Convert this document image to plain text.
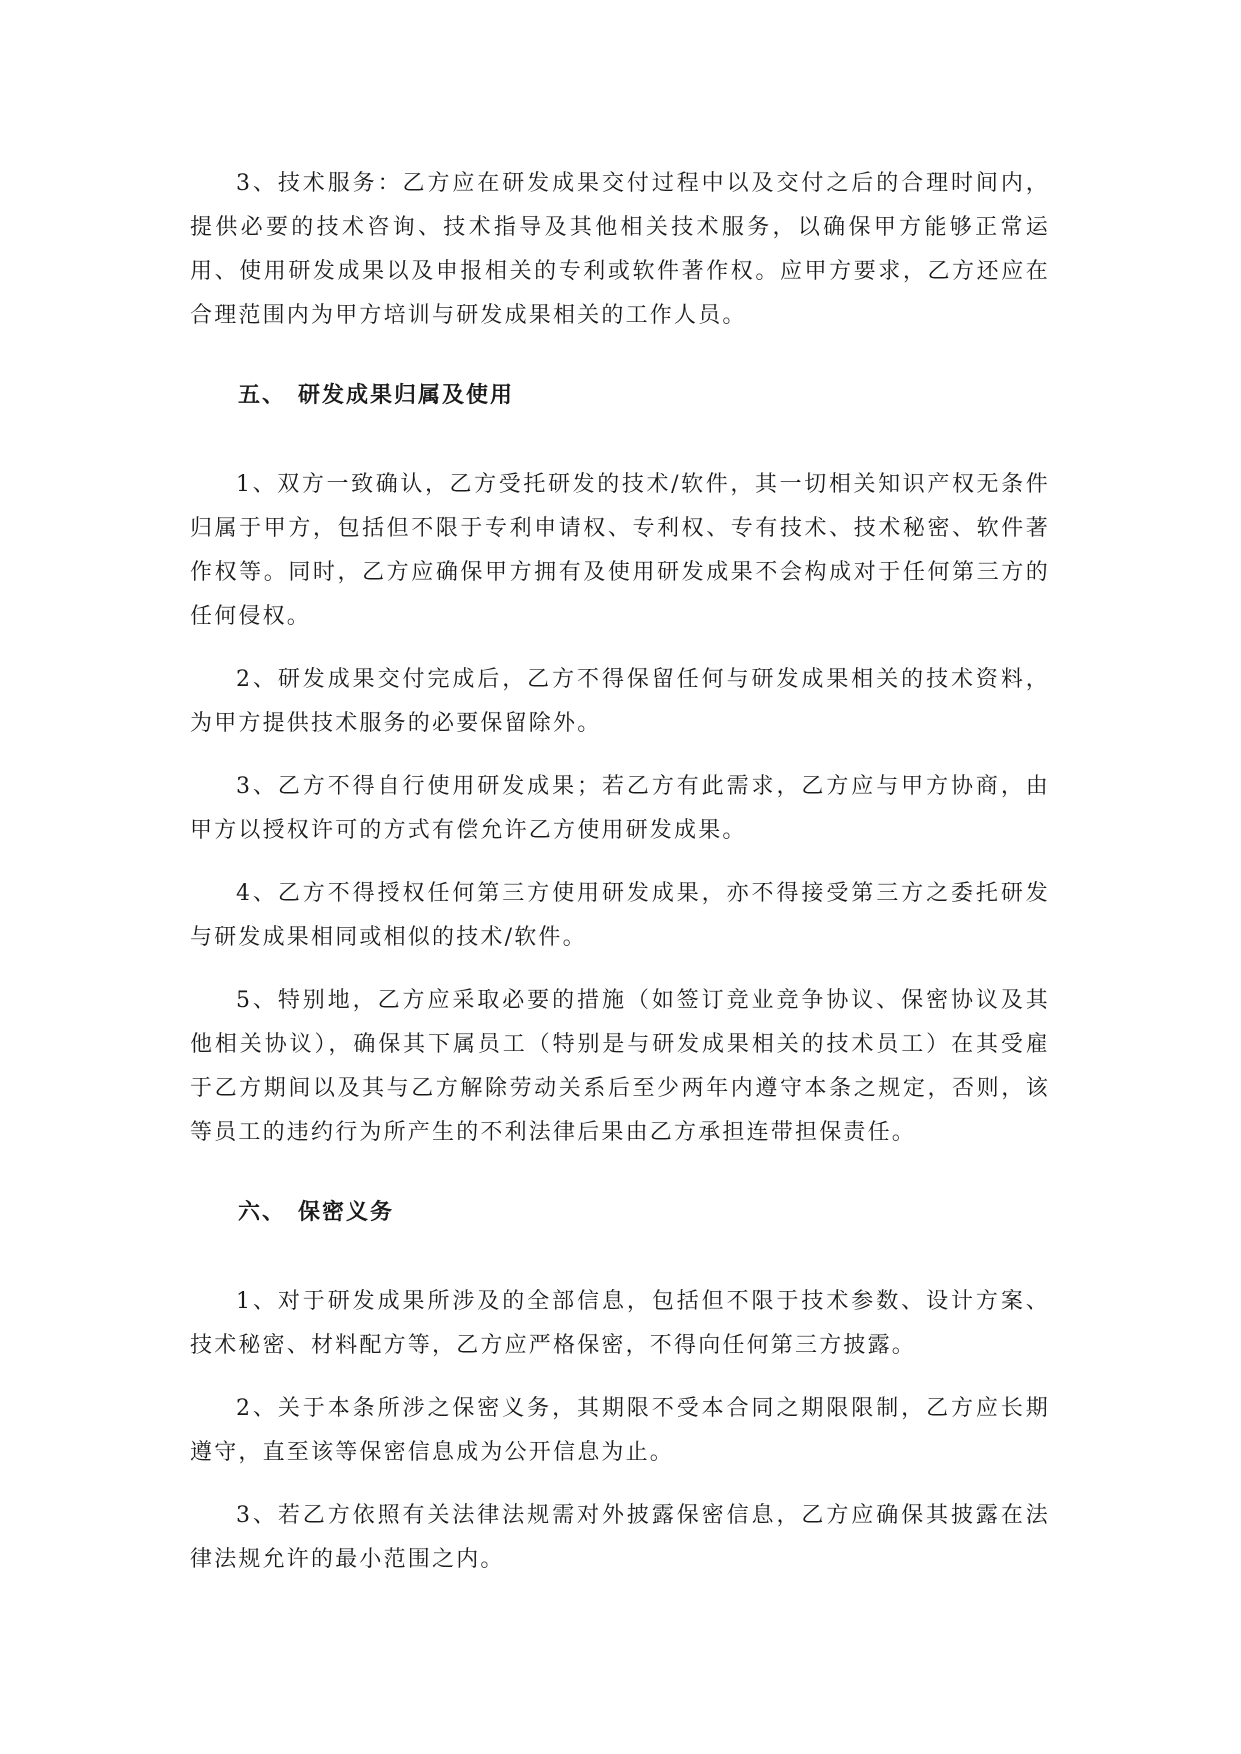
3、技术服务：乙方应在研发成果交付过程中以及交付之后的合理时间内，提供必要的技术咨询、技术指导及其他相关技术服务，以确保甲方能够正常运用、使用研发成果以及申报相关的专利或软件著作权。应甲方要求，乙方还应在合理范围内为甲方培训与研发成果相关的工作人员。

五、 研发成果归属及使用

1、双方一致确认，乙方受托研发的技术/软件，其一切相关知识产权无条件归属于甲方，包括但不限于专利申请权、专利权、专有技术、技术秘密、软件著作权等。同时，乙方应确保甲方拥有及使用研发成果不会构成对于任何第三方的任何侵权。

2、研发成果交付完成后，乙方不得保留任何与研发成果相关的技术资料，为甲方提供技术服务的必要保留除外。

3、乙方不得自行使用研发成果；若乙方有此需求，乙方应与甲方协商，由甲方以授权许可的方式有偿允许乙方使用研发成果。

4、乙方不得授权任何第三方使用研发成果，亦不得接受第三方之委托研发与研发成果相同或相似的技术/软件。

5、特别地，乙方应采取必要的措施（如签订竞业竞争协议、保密协议及其他相关协议），确保其下属员工（特别是与研发成果相关的技术员工）在其受雇于乙方期间以及其与乙方解除劳动关系后至少两年内遵守本条之规定，否则，该等员工的违约行为所产生的不利法律后果由乙方承担连带担保责任。

六、 保密义务

1、对于研发成果所涉及的全部信息，包括但不限于技术参数、设计方案、技术秘密、材料配方等，乙方应严格保密，不得向任何第三方披露。

2、关于本条所涉之保密义务，其期限不受本合同之期限限制，乙方应长期遵守，直至该等保密信息成为公开信息为止。

3、若乙方依照有关法律法规需对外披露保密信息，乙方应确保其披露在法律法规允许的最小范围之内。
